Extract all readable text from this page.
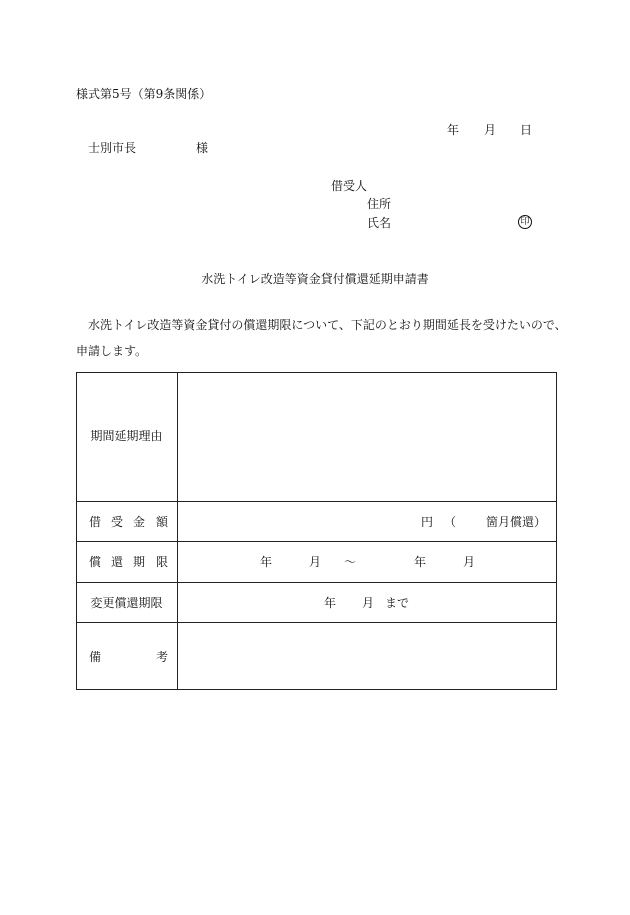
様式第5号（第9条関係）
年 月 日
士別市長	様
借受人
住所
氏名	印
水洗トイレ改造等資金貸付償還延期申請書
水洗トイレ改造等資金貸付の償還期限について、下記のとおり期間延長を受けたいので、
申請します。
期間延期理由
借 受 金 額	円 （ 箇月償還）
償 還 期 限	年	月 ～	年	月
変更償還期限	年 月 まで
備	考
